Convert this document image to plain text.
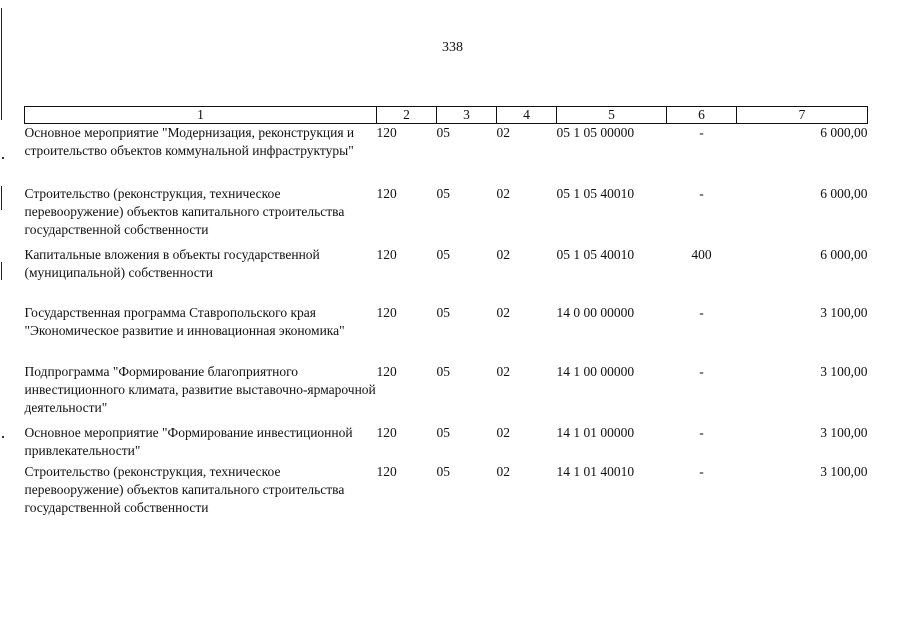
338
1	2	3	4	5	6	7
Основное мероприятие "Модернизация, реконструкция и строительство объектов коммунальной инфраструктуры"	120	05	02	05 1 05 00000	-	6 000,00
Строительство (реконструкция, техническое перевооружение) объектов капитального строительства государственной собственности	120	05	02	05 1 05 40010	-	6 000,00
Капитальные вложения в объекты государственной (муниципальной) собственности	120	05	02	05 1 05 40010	400	6 000,00
Государственная программа Ставропольского края "Экономическое развитие и инновационная экономика"	120	05	02	14 0 00 00000	-	3 100,00
Подпрограмма "Формирование благоприятного инвестиционного климата, развитие выставочно-ярмарочной деятельности"	120	05	02	14 1 00 00000	-	3 100,00
Основное мероприятие "Формирование инвестиционной привлекательности"	120	05	02	14 1 01 00000	-	3 100,00
Строительство (реконструкция, техническое перевооружение) объектов капитального строительства государственной собственности	120	05	02	14 1 01 40010	-	3 100,00
